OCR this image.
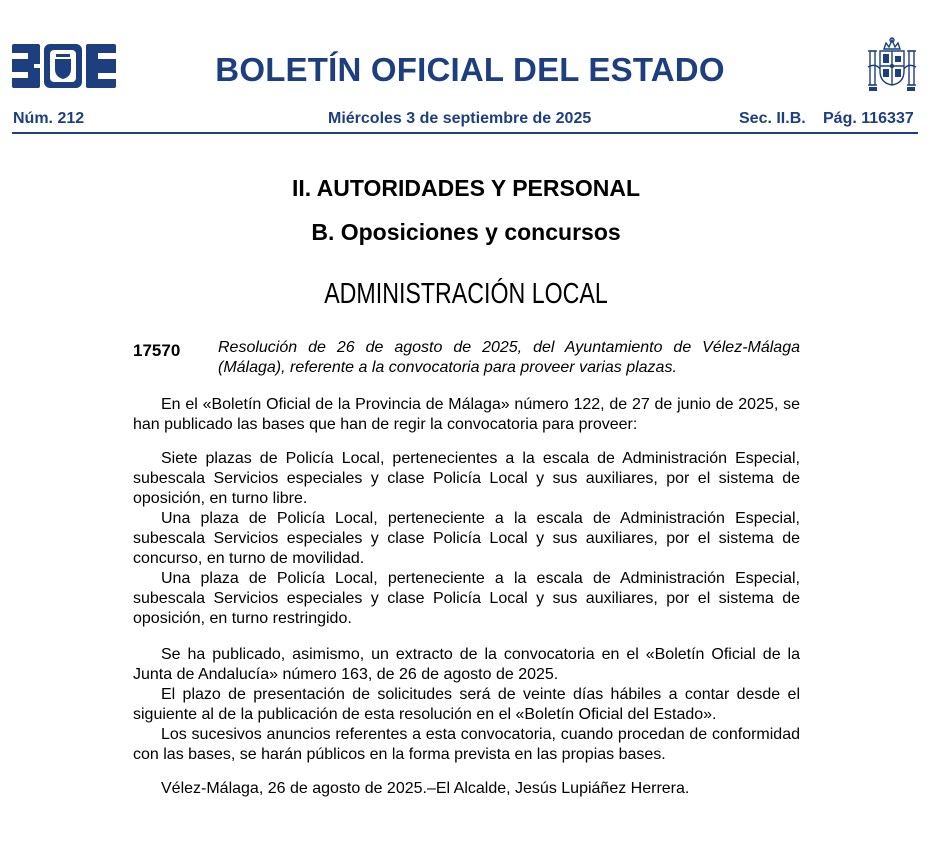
BOE
BOLETÍN OFICIAL DEL ESTADO
Núm. 212	Miércoles 3 de septiembre de 2025	Sec. II.B. Pág. 116337
II. AUTORIDADES Y PERSONAL
B. Oposiciones y concursos
ADMINISTRACIÓN LOCAL
17570 Resolución de 26 de agosto de 2025, del Ayuntamiento de Vélez-Málaga (Málaga), referente a la convocatoria para proveer varias plazas.

En el «Boletín Oficial de la Provincia de Málaga» número 122, de 27 de junio de 2025, se han publicado las bases que han de regir la convocatoria para proveer:

Siete plazas de Policía Local, pertenecientes a la escala de Administración Especial, subescala Servicios especiales y clase Policía Local y sus auxiliares, por el sistema de oposición, en turno libre.

Una plaza de Policía Local, perteneciente a la escala de Administración Especial, subescala Servicios especiales y clase Policía Local y sus auxiliares, por el sistema de concurso, en turno de movilidad.

Una plaza de Policía Local, perteneciente a la escala de Administración Especial, subescala Servicios especiales y clase Policía Local y sus auxiliares, por el sistema de oposición, en turno restringido.

Se ha publicado, asimismo, un extracto de la convocatoria en el «Boletín Oficial de la Junta de Andalucía» número 163, de 26 de agosto de 2025.

El plazo de presentación de solicitudes será de veinte días hábiles a contar desde el siguiente al de la publicación de esta resolución en el «Boletín Oficial del Estado».

Los sucesivos anuncios referentes a esta convocatoria, cuando procedan de conformidad con las bases, se harán públicos en la forma prevista en las propias bases.

Vélez-Málaga, 26 de agosto de 2025.–El Alcalde, Jesús Lupiáñez Herrera.
